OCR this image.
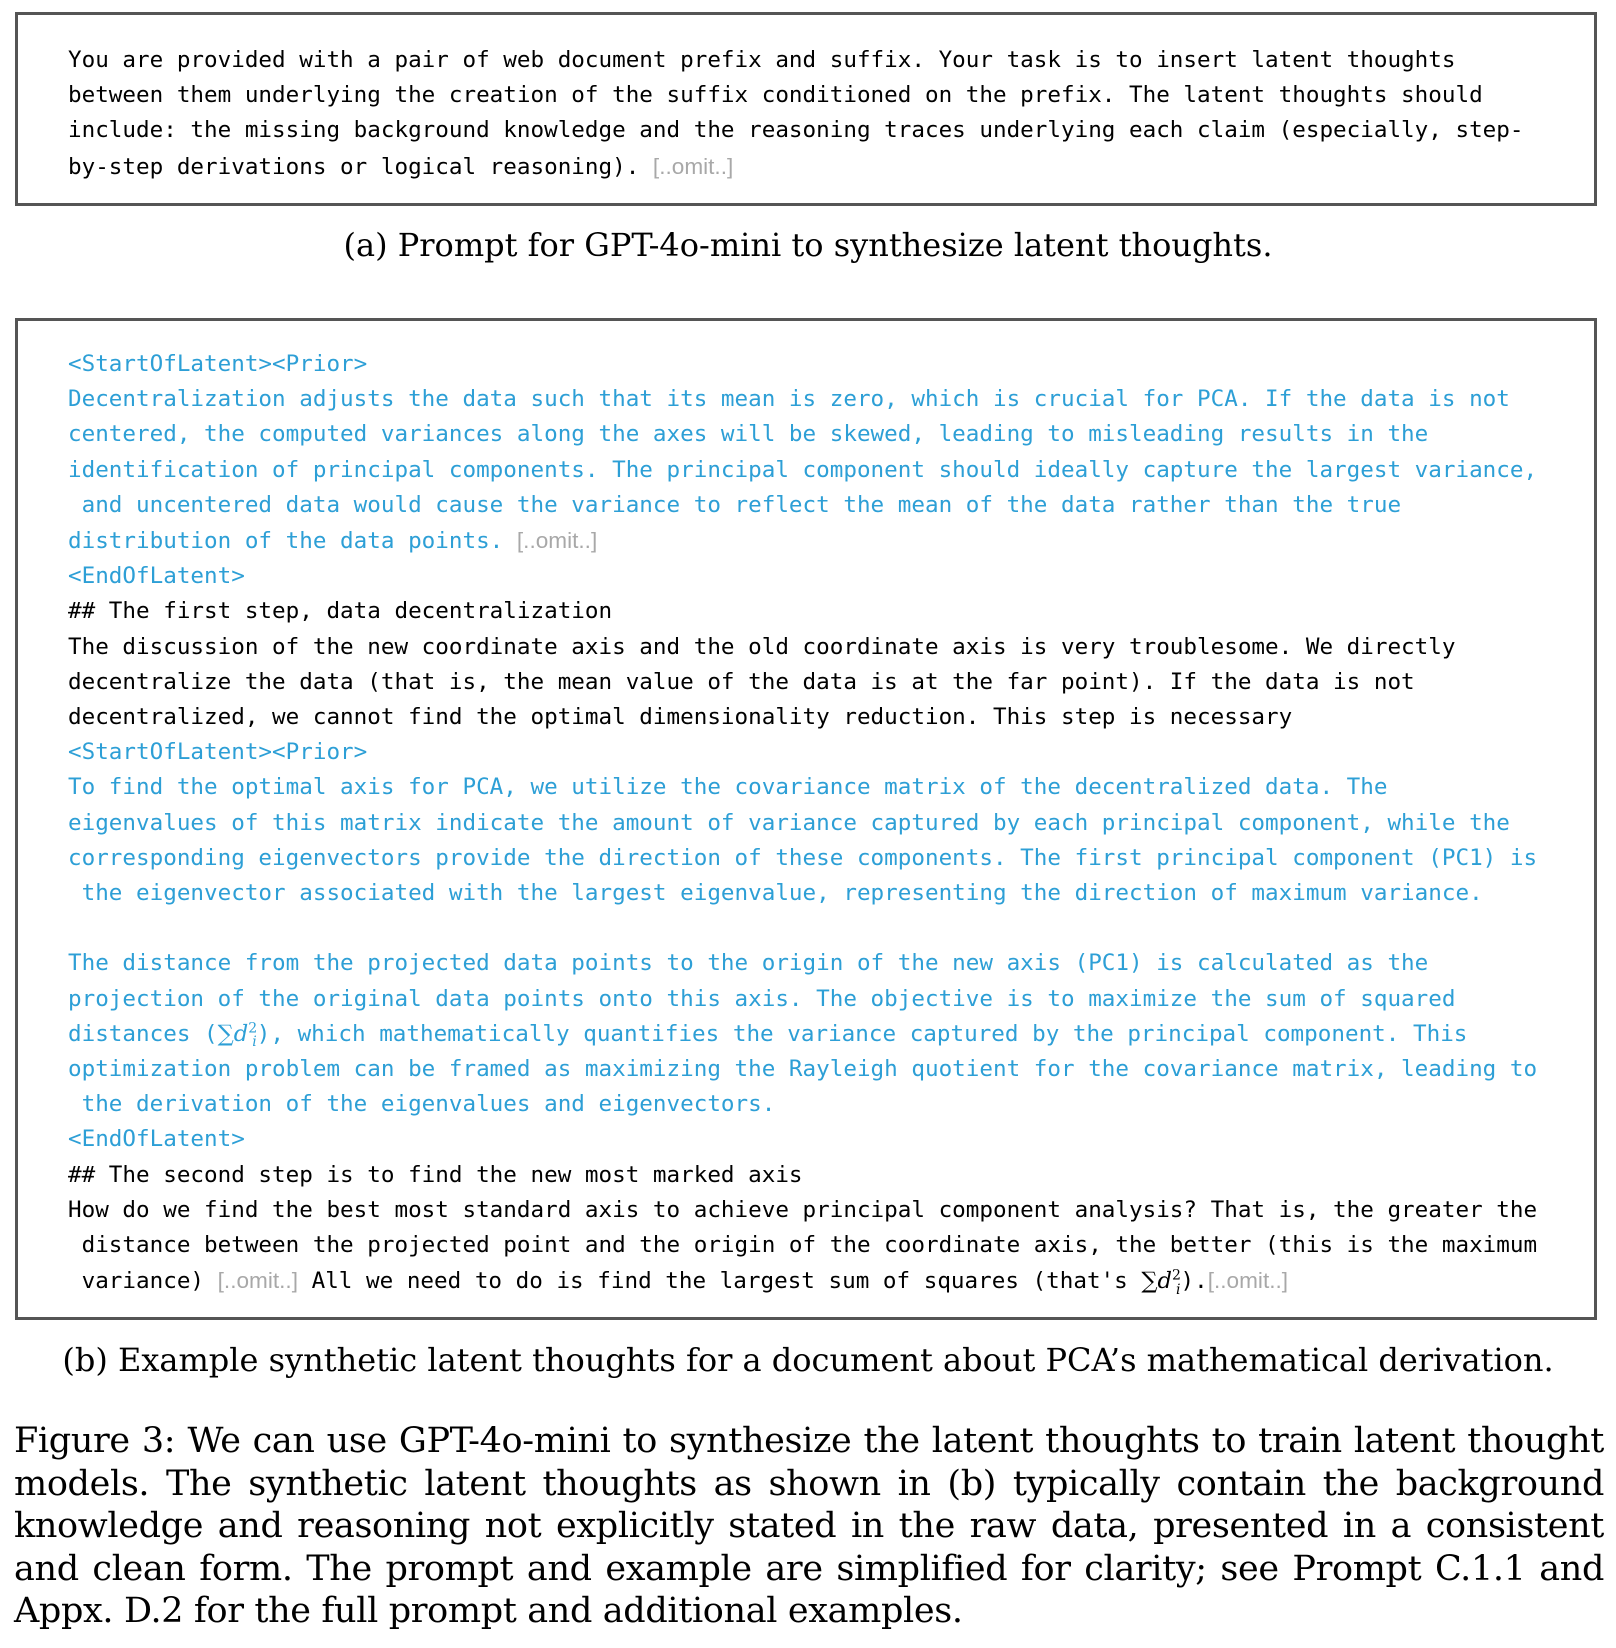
You are provided with a pair of web document prefix and suffix. Your task is to insert latent thoughts
between them underlying the creation of the suffix conditioned on the prefix. The latent thoughts should
include: the missing background knowledge and the reasoning traces underlying each claim (especially, step-
by-step derivations or logical reasoning). [..omit..]
(a) Prompt for GPT-4o-mini to synthesize latent thoughts.
<StartOfLatent><Prior>
Decentralization adjusts the data such that its mean is zero, which is crucial for PCA. If the data is not
centered, the computed variances along the axes will be skewed, leading to misleading results in the
identification of principal components. The principal component should ideally capture the largest variance,
and uncentered data would cause the variance to reflect the mean of the data rather than the true
distribution of the data points. [..omit..]
<EndOfLatent>
## The first step, data decentralization
The discussion of the new coordinate axis and the old coordinate axis is very troublesome. We directly
decentralize the data (that is, the mean value of the data is at the far point). If the data is not
decentralized, we cannot find the optimal dimensionality reduction. This step is necessary
<StartOfLatent><Prior>
To find the optimal axis for PCA, we utilize the covariance matrix of the decentralized data. The
eigenvalues of this matrix indicate the amount of variance captured by each principal component, while the
corresponding eigenvectors provide the direction of these components. The first principal component (PC1) is
the eigenvector associated with the largest eigenvalue, representing the direction of maximum variance.

The distance from the projected data points to the origin of the new axis (PC1) is calculated as the
projection of the original data points onto this axis. The objective is to maximize the sum of squared
distances $(\sum d^2_i)$, which mathematically quantifies the variance captured by the principal component. This
optimization problem can be framed as maximizing the Rayleigh quotient for the covariance matrix, leading to
the derivation of the eigenvalues and eigenvectors.
<EndOfLatent>
## The second step is to find the new most marked axis
How do we find the best most standard axis to achieve principal component analysis? That is, the greater the
distance between the projected point and the origin of the coordinate axis, the better (this is the maximum
variance) [..omit..] All we need to do is find the largest sum of squares (that's $\sum d^2_i).[..omit..]$
(b) Example synthetic latent thoughts for a document about PCA’s mathematical derivation.
Figure 3: We can use GPT-4o-mini to synthesize the latent thoughts to train latent thought models. The synthetic latent thoughts as shown in (b) typically contain the background knowledge and reasoning not explicitly stated in the raw data, presented in a consistent and clean form. The prompt and example are simplified for clarity; see Prompt C.1.1 and Appx. D.2 for the full prompt and additional examples.
